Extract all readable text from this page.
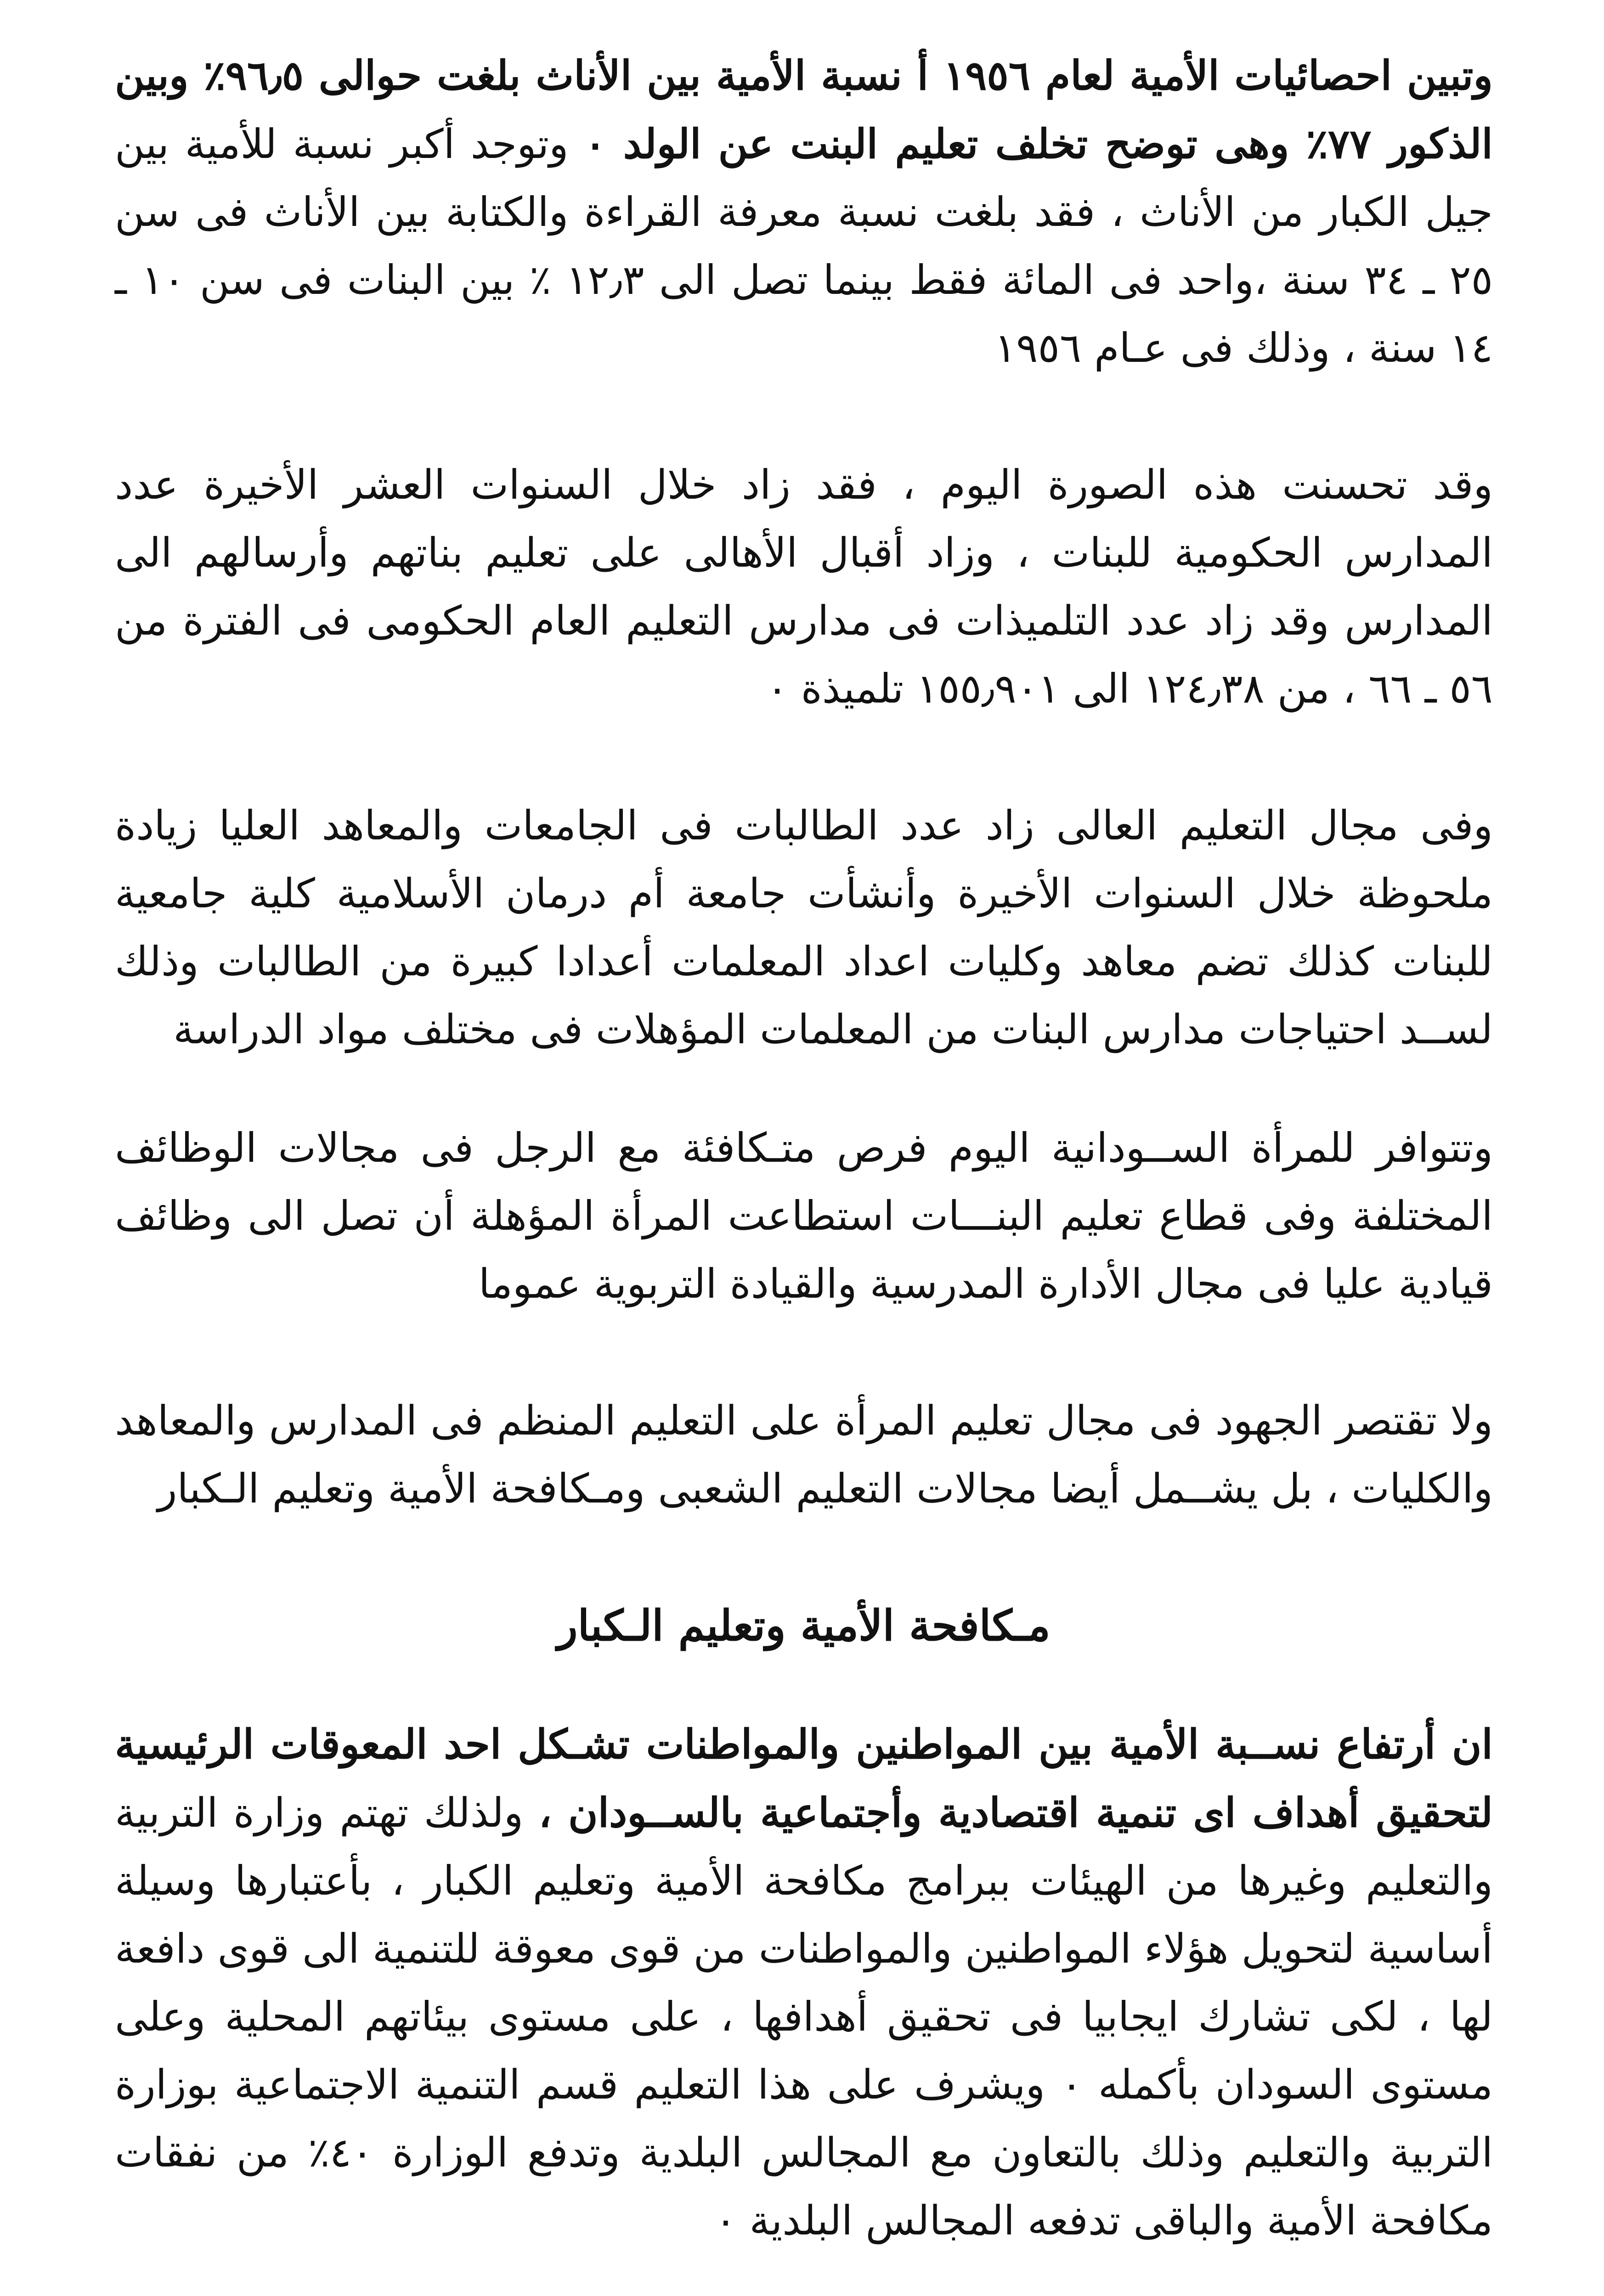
وتبين احصائيات الأمية لعام ١٩٥٦ أ نسبة الأمية بين الأناث بلغت حوالى ٩٦٫٥٪ وبين الذكور ٧٧٪ وهى توضح تخلف تعليم البنت عن الولد ٠ وتوجد أكبر نسبة للأمية بين جيل الكبار من الأناث ، فقد بلغت نسبة معرفة القراءة والكتابة بين الأناث فى سن ٢٥ ـ ٣٤ سنة ،واحد فى المائة فقط بينما تصل الى ١٢٫٣ ٪ بين البنات فى سن ١٠ ـ ١٤ سنة ، وذلك فى عـام ١٩٥٦

وقد تحسنت هذه الصورة اليوم ، فقد زاد خلال السنوات العشر الأخيرة عدد المدارس الحكومية للبنات ، وزاد أقبال الأهالى على تعليم بناتهم وأرسالهم الى المدارس وقد زاد عدد التلميذات فى مدارس التعليم العام الحكومى فى الفترة من ٥٦ ـ ٦٦ ، من ١٢٤٫٣٨ الى ١٥٥٫٩٠١ تلميذة ٠

وفى مجال التعليم العالى زاد عدد الطالبات فى الجامعات والمعاهد العليا زيادة ملحوظة خلال السنوات الأخيرة وأنشأت جامعة أم درمان الأسلامية كلية جامعية للبنات كذلك تضم معاهد وكليات اعداد المعلمات أعدادا كبيرة من الطالبات وذلك لســد احتياجات مدارس البنات من المعلمات المؤهلات فى مختلف مواد الدراسة

وتتوافر للمرأة الســودانية اليوم فرص متـكافئة مع الرجل فى مجالات الوظائف المختلفة وفى قطاع تعليم البنـــات استطاعت المرأة المؤهلة أن تصل الى وظائف قيادية عليا فى مجال الأدارة المدرسية والقيادة التربوية عموما

ولا تقتصر الجهود فى مجال تعليم المرأة على التعليم المنظم فى المدارس والمعاهد والكليات ، بل يشــمل أيضا مجالات التعليم الشعبى ومـكافحة الأمية وتعليم الـكبار

مـكافحة الأمية وتعليم الـكبار

ان أرتفاع نســبة الأمية بين المواطنين والمواطنات تشـكل احد المعوقات الرئيسية لتحقيق أهداف اى تنمية اقتصادية وأجتماعية بالســودان ، ولذلك تهتم وزارة التربية والتعليم وغيرها من الهيئات ببرامج مكافحة الأمية وتعليم الكبار ، بأعتبارها وسيلة أساسية لتحويل هؤلاء المواطنين والمواطنات من قوى معوقة للتنمية الى قوى دافعة لها ، لكى تشارك ايجابيا فى تحقيق أهدافها ، على مستوى بيئاتهم المحلية وعلى مستوى السودان بأكمله ٠ ويشرف على هذا التعليم قسم التنمية الاجتماعية بوزارة التربية والتعليم وذلك بالتعاون مع المجالس البلدية وتدفع الوزارة ٤٠٪ من نفقات مكافحة الأمية والباقى تدفعه المجالس البلدية ٠
